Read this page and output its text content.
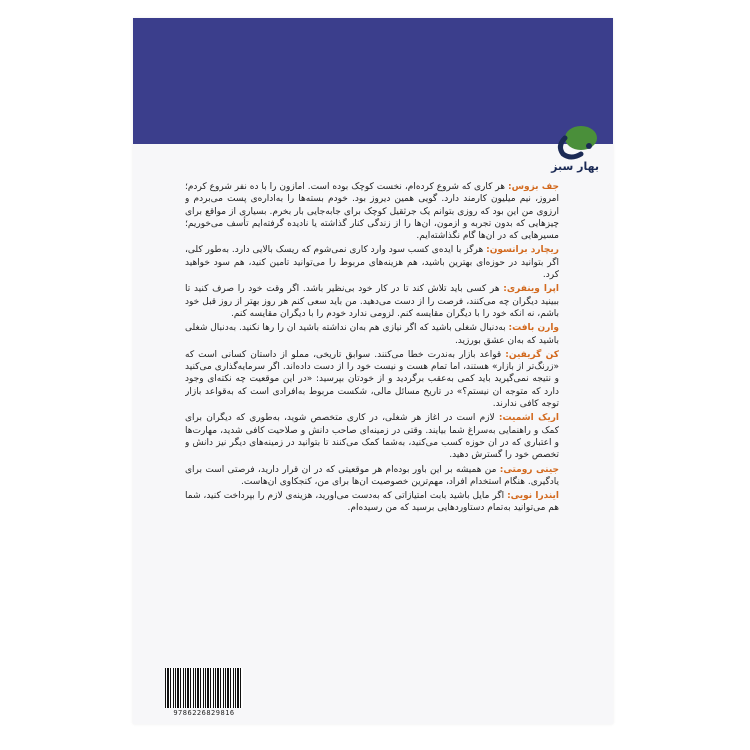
بهار سبز

جف بزوس: هر کاری که شروع کرده‌ام، نخست کوچک بوده است. امازون را با ده نفر شروع کردم؛ امروز، نیم میلیون کارمند دارد. گویی همین دیروز بود. خودم بسته‌ها را به‌اداره‌ی پست می‌بردم و ارزوی من این بود که روزی بتوانم یک جرثقیل کوچک برای جابه‌جایی بار بخرم. بسیاری از مواقع برای چیزهایی که بدون تجربه و ازمون، ان‌ها را از زندگی کنار گذاشته یا نادیده گرفته‌ایم تأسف می‌خوریم؛ مسیرهایی که در ان‌ها گام نگذاشته‌ایم.

ریچارد برانسون: هرگز با ایده‌ی کسب سود وارد کاری نمی‌شوم که ریسک بالایی دارد. به‌طور کلی، اگر بتوانید در حوزه‌ای بهترین باشید، هم هزینه‌های مربوط را می‌توانید تامین کنید، هم سود خواهید کرد.

اپرا وینفری: هر کسی باید تلاش کند تا در کار خود بی‌نظیر باشد. اگر وقت خود را صرف کنید تا ببینید دیگران چه می‌کنند، فرصت را از دست می‌دهید. من باید سعی کنم هر روز بهتر از روز قبل خود باشم، نه انکه خود را با دیگران مقایسه کنم. لزومی ندارد خودم را با دیگران مقایسه کنم.

وارن بافت: به‌دنبال شغلی باشید که اگر نیازی هم به‌ان نداشته باشید ان را رها نکنید. به‌دنبال شغلی باشید که به‌ان عشق بورزید.

کن گریفین: قواعد بازار به‌ندرت خطا می‌کنند. سوابق تاریخی، مملو از داستان کسانی است که «زرنگ‌تر از بازار» هستند، اما تمام هست و نیست خود را از دست داده‌اند. اگر سرمایه‌گذاری می‌کنید و نتیجه نمی‌گیرید باید کمی به‌عقب برگردید و از خودتان بپرسید: «در این موقعیت چه نکته‌ای وجود دارد که متوجه ان نیستم؟» در تاریخ مسائل مالی، شکست مربوط به‌افرادی است که به‌قواعد بازار توجه کافی ندارند.

اریک اشمیت: لازم است در اغاز هر شغلی، در کاری متخصص شوید، به‌طوری که دیگران برای کمک و راهنمایی به‌سراغ شما بیایند. وقتی در زمینه‌ای صاحب دانش و صلاحیت کافی شدید، مهارت‌ها و اعتباری که در ان حوزه کسب می‌کنید، به‌شما کمک می‌کنند تا بتوانید در زمینه‌های دیگر نیز دانش و تخصص خود را گسترش دهید.

جینی رومتی: من همیشه بر این باور بوده‌ام هر موقعیتی که در ان قرار دارید، فرصتی است برای یادگیری. هنگام استخدام افراد، مهم‌ترین خصوصیت ان‌ها برای من، کنجکاوی ان‌هاست.

ایندرا نویی: اگر مایل باشید بابت امتیازاتی که به‌دست می‌اورید، هزینه‌ی لازم را بپرداخت کنید، شما هم می‌توانید به‌تمام دستاوردهایی برسید که من رسیده‌ام.

9786226829816
